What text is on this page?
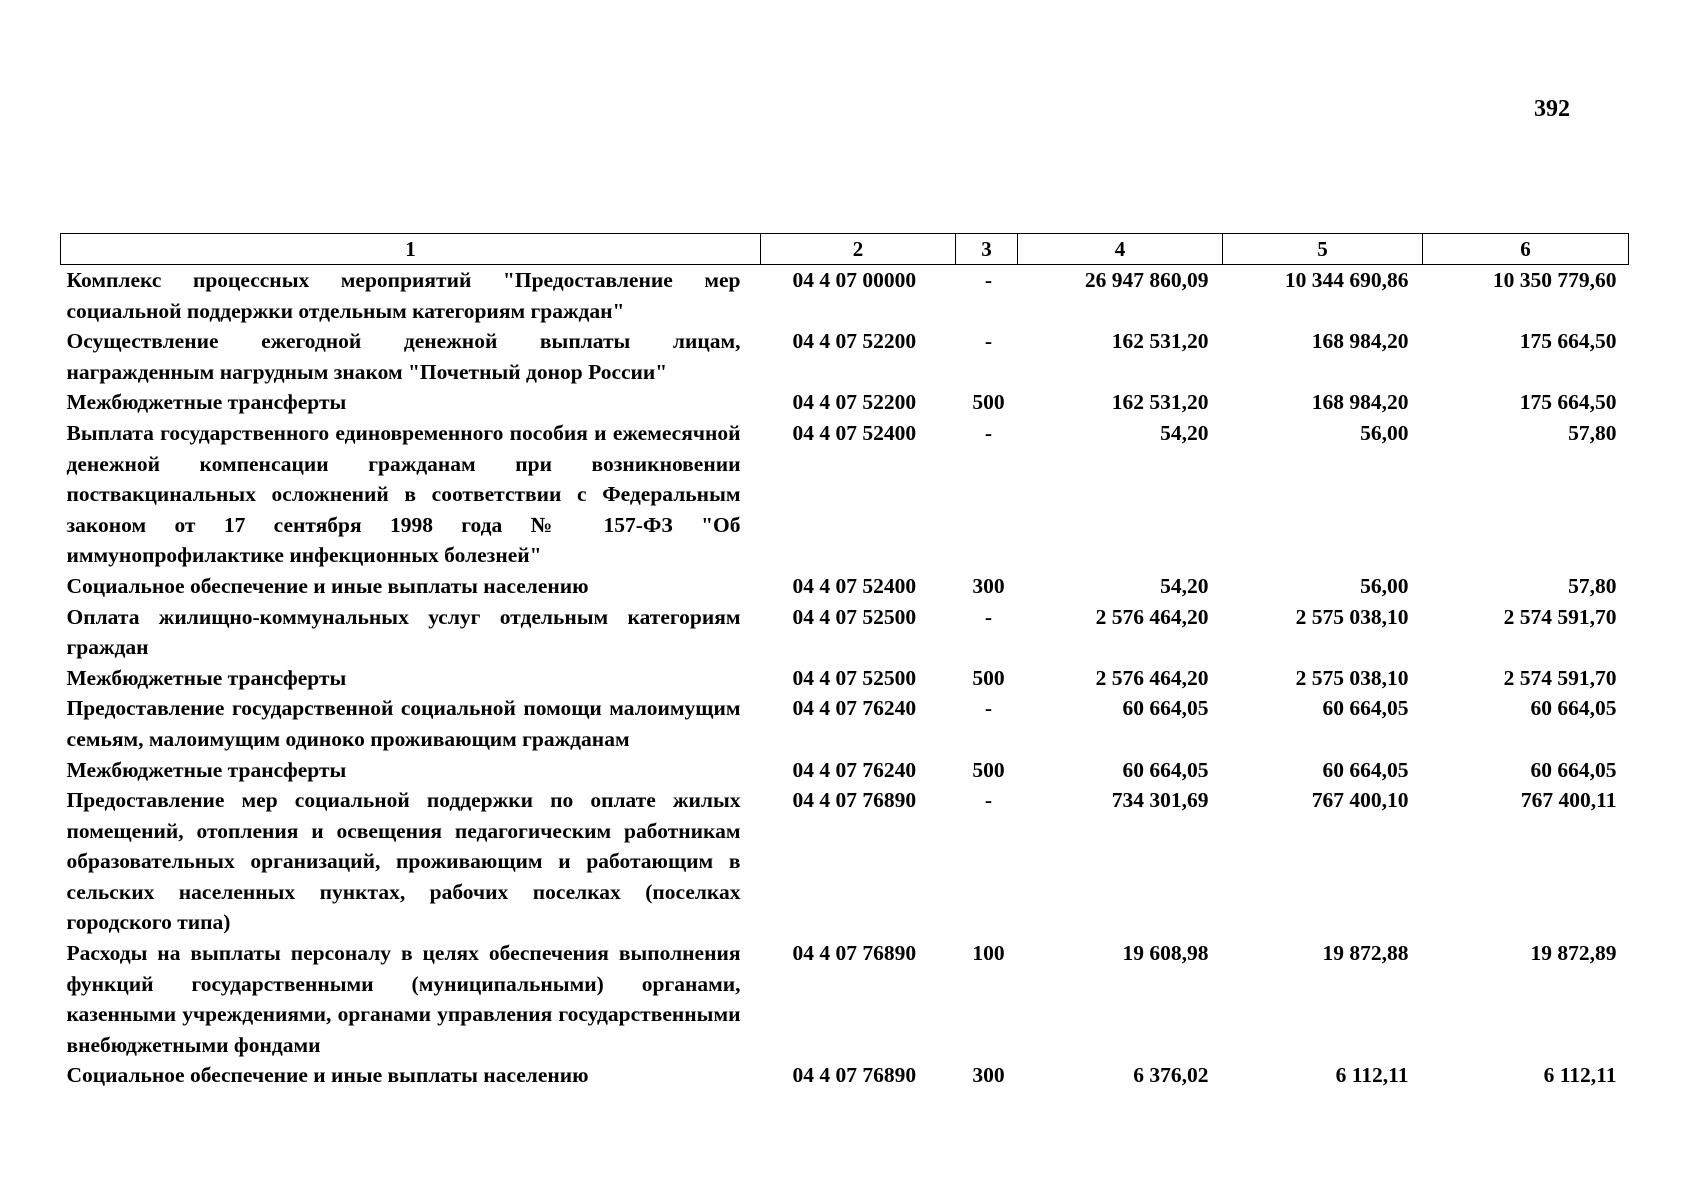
392
1	2	3	4	5	6
Комплекс процессных мероприятий "Предоставление мер социальной поддержки отдельным категориям граждан"	04 4 07 00000	-	26 947 860,09	10 344 690,86	10 350 779,60
Осуществление ежегодной денежной выплаты лицам, награжденным нагрудным знаком "Почетный донор России"	04 4 07 52200	-	162 531,20	168 984,20	175 664,50
Межбюджетные трансферты	04 4 07 52200	500	162 531,20	168 984,20	175 664,50
Выплата государственного единовременного пособия и ежемесячной денежной компенсации гражданам при возникновении поствакцинальных осложнений в соответствии с Федеральным законом от 17 сентября 1998 года № 157-ФЗ "Об иммунопрофилактике инфекционных болезней"	04 4 07 52400	-	54,20	56,00	57,80
Социальное обеспечение и иные выплаты населению	04 4 07 52400	300	54,20	56,00	57,80
Оплата жилищно-коммунальных услуг отдельным категориям граждан	04 4 07 52500	-	2 576 464,20	2 575 038,10	2 574 591,70
Межбюджетные трансферты	04 4 07 52500	500	2 576 464,20	2 575 038,10	2 574 591,70
Предоставление государственной социальной помощи малоимущим семьям, малоимущим одиноко проживающим гражданам	04 4 07 76240	-	60 664,05	60 664,05	60 664,05
Межбюджетные трансферты	04 4 07 76240	500	60 664,05	60 664,05	60 664,05
Предоставление мер социальной поддержки по оплате жилых помещений, отопления и освещения педагогическим работникам образовательных организаций, проживающим и работающим в сельских населенных пунктах, рабочих поселках (поселках городского типа)	04 4 07 76890	-	734 301,69	767 400,10	767 400,11
Расходы на выплаты персоналу в целях обеспечения выполнения функций государственными (муниципальными) органами, казенными учреждениями, органами управления государственными внебюджетными фондами	04 4 07 76890	100	19 608,98	19 872,88	19 872,89
Социальное обеспечение и иные выплаты населению	04 4 07 76890	300	6 376,02	6 112,11	6 112,11
